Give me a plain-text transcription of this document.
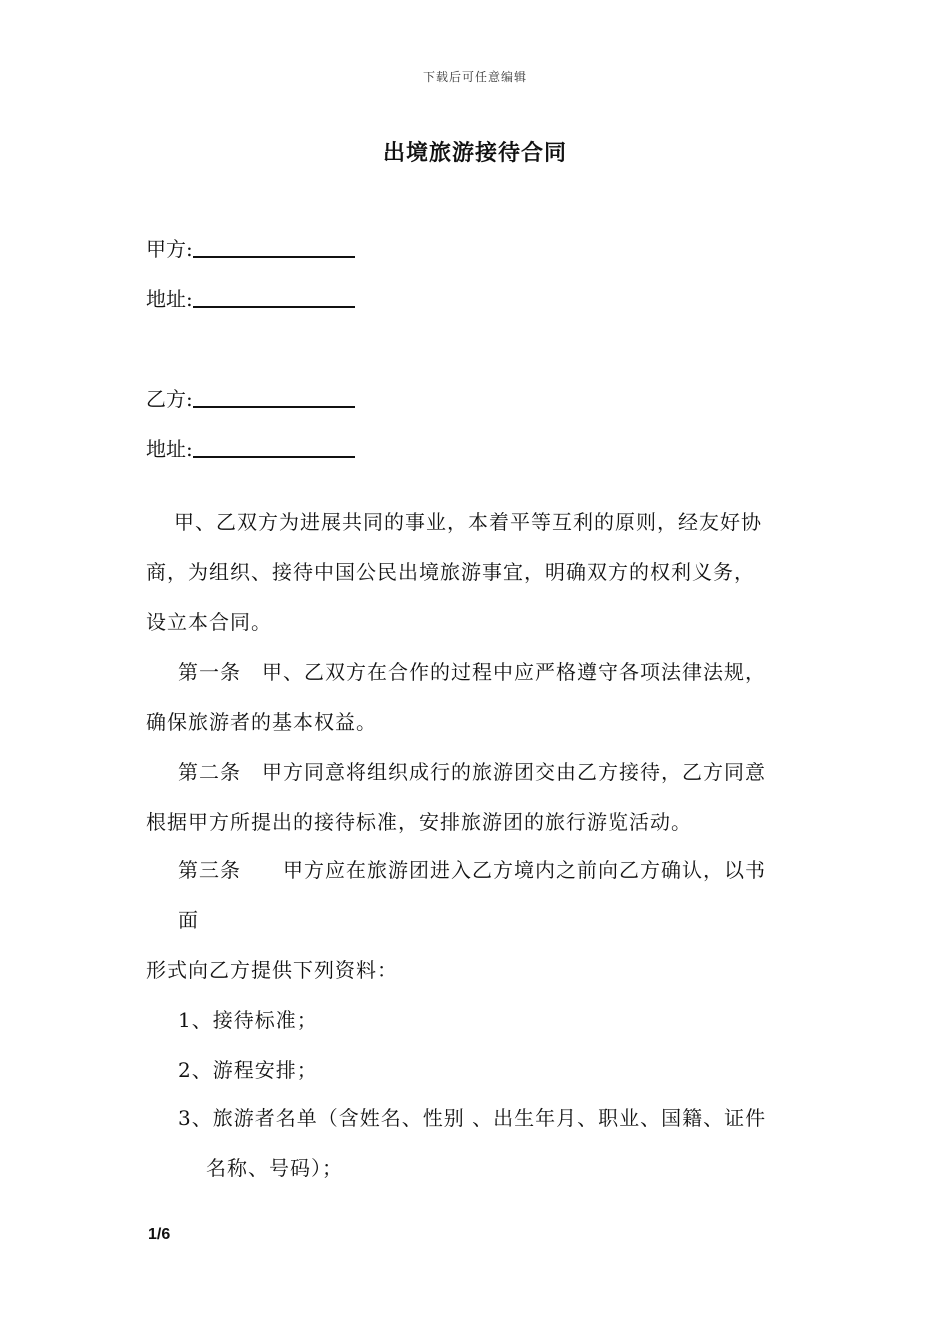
下载后可任意编辑
出境旅游接待合同
甲方:
地址:
乙方:
地址:
甲、乙双方为进展共同的事业，本着平等互利的原则，经友好协
商，为组织、接待中国公民出境旅游事宜，明确双方的权利义务，
设立本合同。
第一条　甲、乙双方在合作的过程中应严格遵守各项法律法规，
确保旅游者的基本权益。
第二条　甲方同意将组织成行的旅游团交由乙方接待，乙方同意
根据甲方所提出的接待标准，安排旅游团的旅行游览活动。
第三条　　甲方应在旅游团进入乙方境内之前向乙方确认，以书
面
形式向乙方提供下列资料：
1、接待标准；
2、游程安排；
3、旅游者名单（含姓名、性别 、出生年月、职业、国籍、证件
名称、号码）；
1/6
